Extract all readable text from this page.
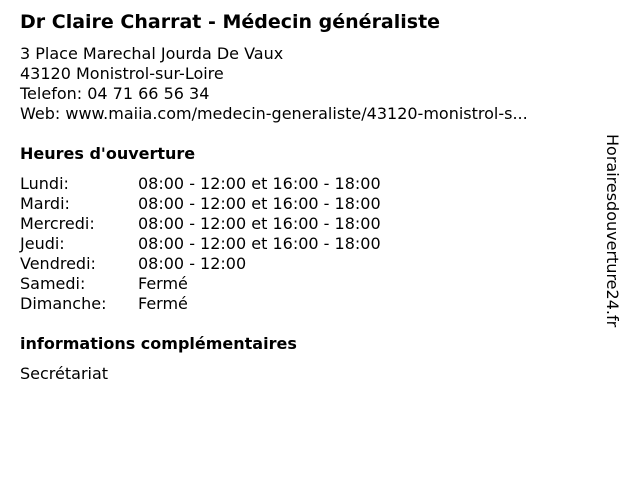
Dr Claire Charrat - Médecin généraliste
3 Place Marechal Jourda De Vaux
43120 Monistrol-sur-Loire
Telefon: 04 71 66 56 34
Web: www.maiia.com/medecin-generaliste/43120-monistrol-s...
Heures d'ouverture
Lundi:	08:00 - 12:00 et 16:00 - 18:00
Mardi:	08:00 - 12:00 et 16:00 - 18:00
Mercredi:	08:00 - 12:00 et 16:00 - 18:00
Jeudi:	08:00 - 12:00 et 16:00 - 18:00
Vendredi:	08:00 - 12:00
Samedi:	Fermé
Dimanche: Fermé
informations complémentaires
Secrétariat
Horairesdouverture24.fr
